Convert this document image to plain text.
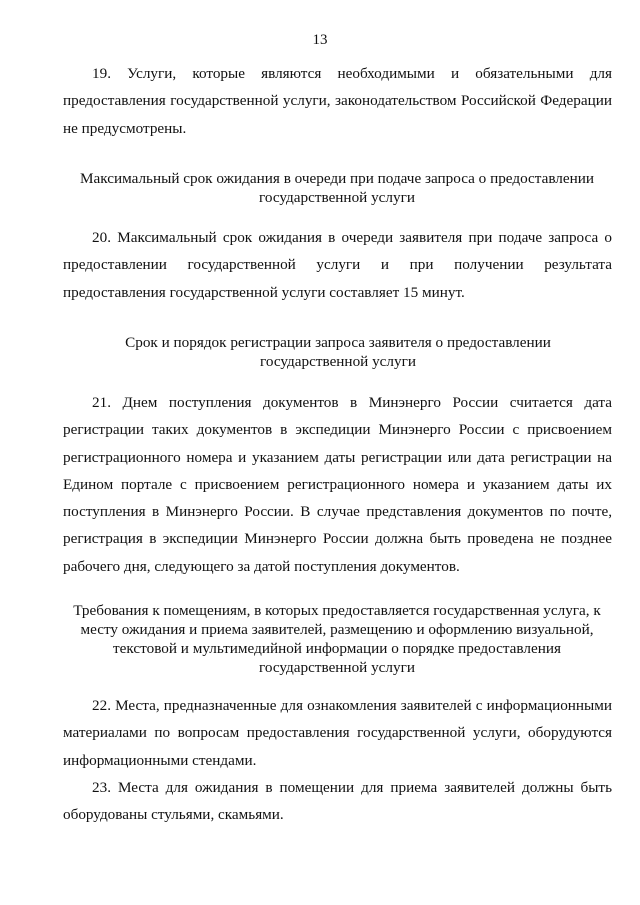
13

19. Услуги, которые являются необходимыми и обязательными для предоставления государственной услуги, законодательством Российской Федерации не предусмотрены.

Максимальный срок ожидания в очереди при подаче запроса о предоставлении государственной услуги

20. Максимальный срок ожидания в очереди заявителя при подаче запроса о предоставлении государственной услуги и при получении результата предоставления государственной услуги составляет 15 минут.

Срок и порядок регистрации запроса заявителя о предоставлении государственной услуги

21. Днем поступления документов в Минэнерго России считается дата регистрации таких документов в экспедиции Минэнерго России с присвоением регистрационного номера и указанием даты регистрации или дата регистрации на Едином портале с присвоением регистрационного номера и указанием даты их поступления в Минэнерго России. В случае представления документов по почте, регистрация в экспедиции Минэнерго России должна быть проведена не позднее рабочего дня, следующего за датой поступления документов.

Требования к помещениям, в которых предоставляется государственная услуга, к месту ожидания и приема заявителей, размещению и оформлению визуальной, текстовой и мультимедийной информации о порядке предоставления государственной услуги

22. Места, предназначенные для ознакомления заявителей с информационными материалами по вопросам предоставления государственной услуги, оборудуются информационными стендами.

23. Места для ожидания в помещении для приема заявителей должны быть оборудованы стульями, скамьями.
